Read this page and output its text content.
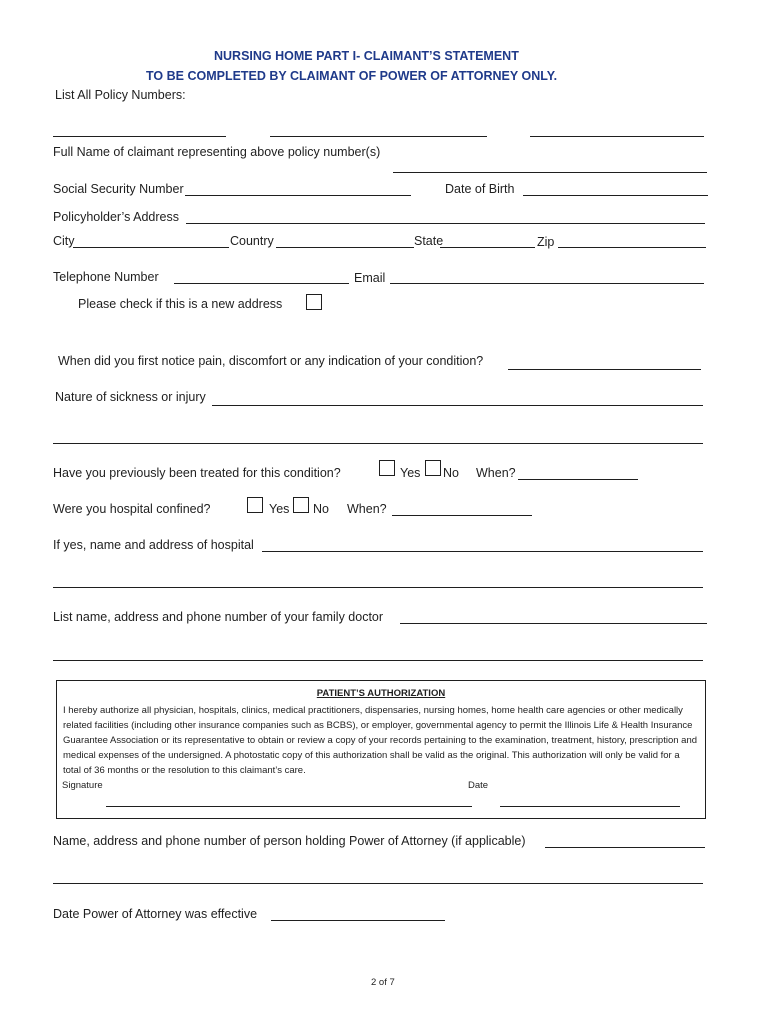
NURSING HOME PART I- CLAIMANT’S STATEMENT
TO BE COMPLETED BY CLAIMANT OF POWER OF ATTORNEY ONLY.
List All Policy Numbers:
Full Name of claimant representing above policy number(s)
Social Security Number	Date of Birth
Policyholder’s Address
City	Country	State	Zip
Telephone Number	Email
Please check if this is a new address
When did you first notice pain, discomfort or any indication of your condition?
Nature of sickness or injury
Have you previously been treated for this condition?	Yes No When?
Were you hospital confined?	Yes No When?
If yes, name and address of hospital
List name, address and phone number of your family doctor
PATIENT’S AUTHORIZATION
I hereby authorize all physician, hospitals, clinics, medical practitioners, dispensaries, nursing homes, home health care agencies or other medically related facilities (including other insurance companies such as BCBS), or employer, governmental agency to permit the Illinois Life & Health Insurance Guarantee Association or its representative to obtain or review a copy of your records pertaining to the examination, treatment, history, prescription and medical expenses of the undersigned. A photostatic copy of this authorization shall be valid as the original. This authorization will only be valid for a total of 36 months or the resolution to this claimant’s care.
Signature	Date
Name, address and phone number of person holding Power of Attorney (if applicable)
Date Power of Attorney was effective
2 of 7
